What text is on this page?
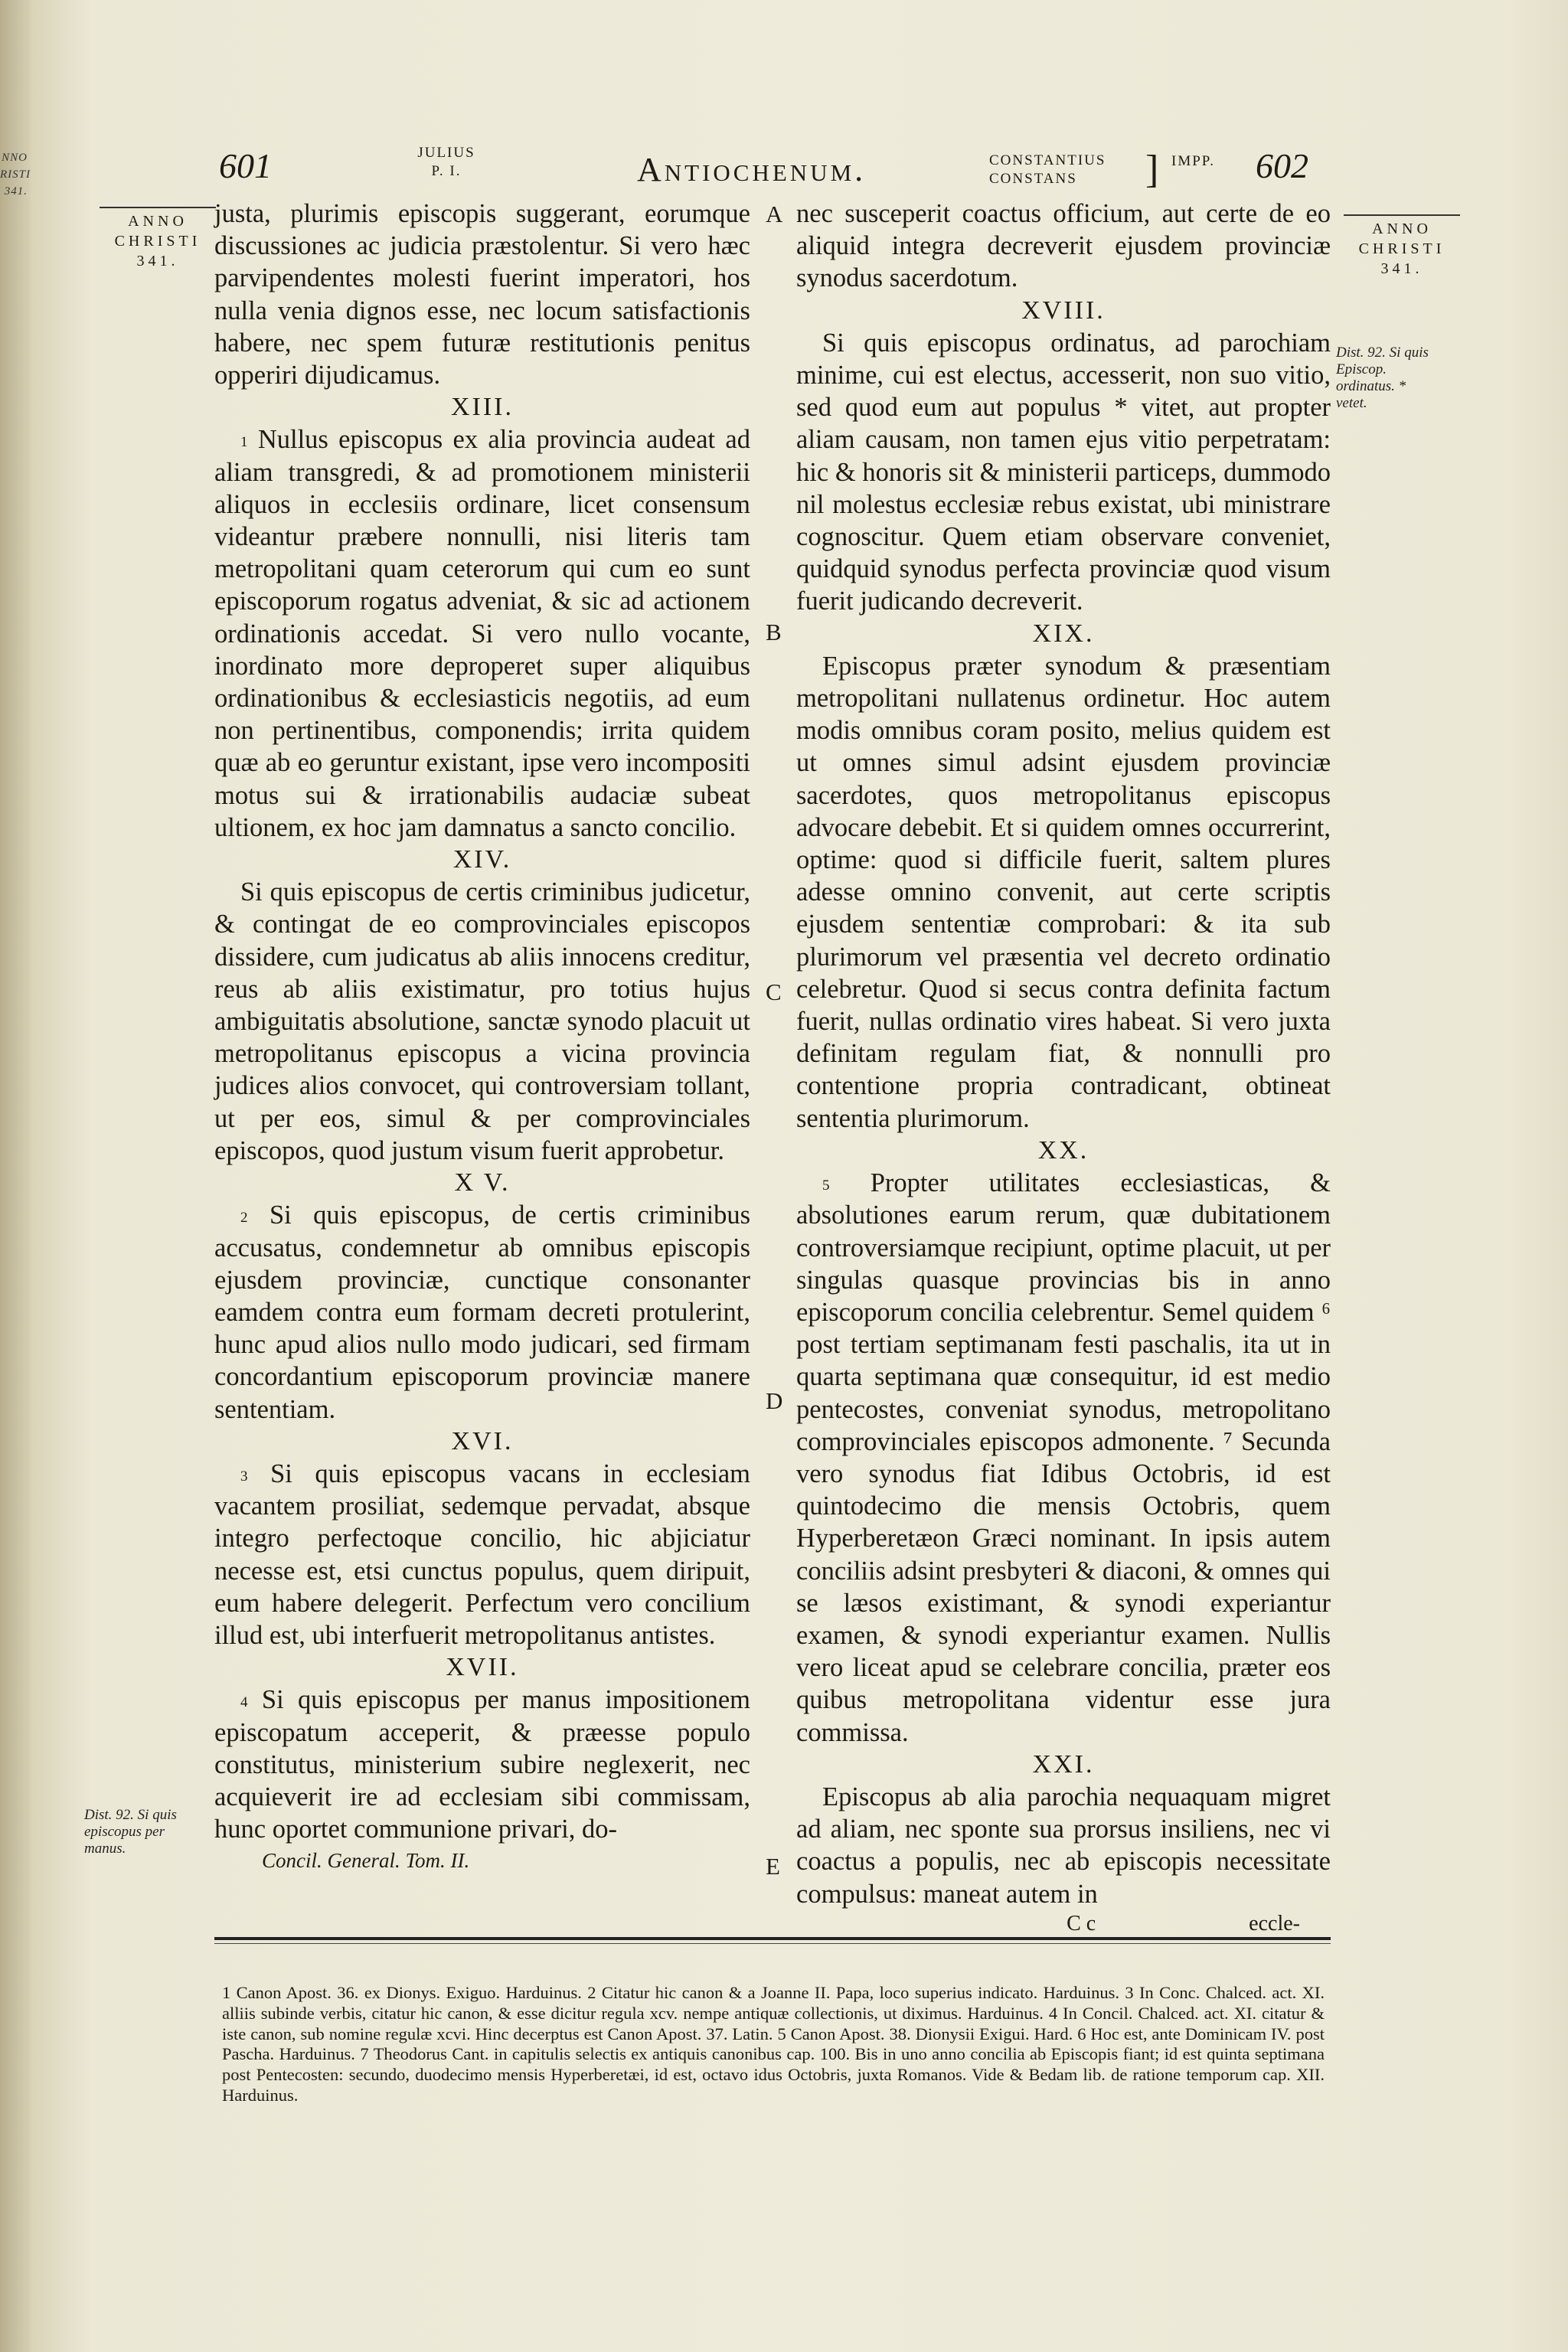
NNO
RISTI
341.
601	JULIUS
P. I.	Antiochenum.	CONSTANTIUS
CONSTANS	] IMPP. 602
ANNO
CHRISTI
341.
ANNO
CHRISTI
341.
A
B
C
D
E
Dist. 92. Si quis Episcop. ordinatus. * vetet.
Dist. 92. Si quis episcopus per manus.

justa, plurimis episcopis suggerant, eorumque discussiones ac judicia præstolentur. Si vero hæc parvipendentes molesti fuerint imperatori, hos nulla venia dignos esse, nec locum satisfactionis habere, nec spem futuræ restitutionis penitus opperiri dijudicamus.

XIII.

$^1$ Nullus episcopus ex alia provincia audeat ad aliam transgredi, & ad promotionem ministerii aliquos in ecclesiis ordinare, licet consensum videantur præbere nonnulli, nisi literis tam metropolitani quam ceterorum qui cum eo sunt episcoporum rogatus adveniat, & sic ad actionem ordinationis accedat. Si vero nullo vocante, inordinato more deproperet super aliquibus ordinationibus & ecclesiasticis negotiis, ad eum non pertinentibus, componendis; irrita quidem quæ ab eo geruntur existant, ipse vero incompositi motus sui & irrationabilis audaciæ subeat ultionem, ex hoc jam damnatus a sancto concilio.

XIV.

Si quis episcopus de certis criminibus judicetur, & contingat de eo comprovinciales episcopos dissidere, cum judicatus ab aliis innocens creditur, reus ab aliis existimatur, pro totius hujus ambiguitatis absolutione, sanctæ synodo placuit ut metropolitanus episcopus a vicina provincia judices alios convocet, qui controversiam tollant, ut per eos, simul & per comprovinciales episcopos, quod justum visum fuerit approbetur.

X V.

$^2$ Si quis episcopus, de certis criminibus accusatus, condemnetur ab omnibus episcopis ejusdem provinciæ, cunctique consonanter eamdem contra eum formam decreti protulerint, hunc apud alios nullo modo judicari, sed firmam concordantium episcoporum provinciæ manere sententiam.

XVI.

$^3$ Si quis episcopus vacans in ecclesiam vacantem prosiliat, sedemque pervadat, absque integro perfectoque concilio, hic abjiciatur necesse est, etsi cunctus populus, quem diripuit, eum habere delegerit. Perfectum vero concilium illud est, ubi interfuerit metropolitanus antistes.

XVII.

$^4$ Si quis episcopus per manus impositionem episcopatum acceperit, & præesse populo constitutus, ministerium subire neglexerit, nec acquieverit ire ad ecclesiam sibi commissam, hunc oportet communione privari, do-

Concil. General. Tom. II.

nec susceperit coactus officium, aut certe de eo aliquid integra decreverit ejusdem provinciæ synodus sacerdotum.

XVIII.

Si quis episcopus ordinatus, ad parochiam minime, cui est electus, accesserit, non suo vitio, sed quod eum aut populus * vitet, aut propter aliam causam, non tamen ejus vitio perpetratam: hic & honoris sit & ministerii particeps, dummodo nil molestus ecclesiæ rebus existat, ubi ministrare cognoscitur. Quem etiam observare conveniet, quidquid synodus perfecta provinciæ quod visum fuerit judicando decreverit.

XIX.

Episcopus præter synodum & præsentiam metropolitani nullatenus ordinetur. Hoc autem modis omnibus coram posito, melius quidem est ut omnes simul adsint ejusdem provinciæ sacerdotes, quos metropolitanus episcopus advocare debebit. Et si quidem omnes occurrerint, optime: quod si difficile fuerit, saltem plures adesse omnino convenit, aut certe scriptis ejusdem sententiæ comprobari: & ita sub plurimorum vel præsentia vel decreto ordinatio celebretur. Quod si secus contra definita factum fuerit, nullas ordinatio vires habeat. Si vero juxta definitam regulam fiat, & nonnulli pro contentione propria contradicant, obtineat sententia plurimorum.

XX.

$^5$ Propter utilitates ecclesiasticas, & absolutiones earum rerum, quæ dubitationem controversiamque recipiunt, optime placuit, ut per singulas quasque provincias bis in anno episcoporum concilia celebrentur. Semel quidem ⁶ post tertiam septimanam festi paschalis, ita ut in quarta septimana quæ consequitur, id est medio pentecostes, conveniat synodus, metropolitano comprovinciales episcopos admonente. ⁷ Secunda vero synodus fiat Idibus Octobris, id est quintodecimo die mensis Octobris, quem Hyperberetæon Græci nominant. In ipsis autem conciliis adsint presbyteri & diaconi, & omnes qui se læsos existimant, & synodi experiantur examen, & synodi experiantur examen. Nullis vero liceat apud se celebrare concilia, præter eos quibus metropolitana videntur esse jura commissa.

XXI.

Episcopus ab alia parochia nequaquam migret ad aliam, nec sponte sua prorsus insiliens, nec vi coactus a populis, nec ab episcopis necessitate compulsus: maneat autem in

C c	eccle-

1 Canon Apost. 36. ex Dionys. Exiguo. Harduinus. 2 Citatur hic canon & a Joanne II. Papa, loco superius indicato. Harduinus. 3 In Conc. Chalced. act. XI. alliis subinde verbis, citatur hic canon, & esse dicitur regula xcv. nempe antiquæ collectionis, ut diximus. Harduinus. 4 In Concil. Chalced. act. XI. citatur & iste canon, sub nomine regulæ xcvi. Hinc decerptus est Canon Apost. 37. Latin. 5 Canon Apost. 38. Dionysii Exigui. Hard. 6 Hoc est, ante Dominicam IV. post Pascha. Harduinus. 7 Theodorus Cant. in capitulis selectis ex antiquis canonibus cap. 100. Bis in uno anno concilia ab Episcopis fiant; id est quinta septimana post Pentecosten: secundo, duodecimo mensis Hyperberetæi, id est, octavo idus Octobris, juxta Romanos. Vide & Bedam lib. de ratione temporum cap. XII. Harduinus.
